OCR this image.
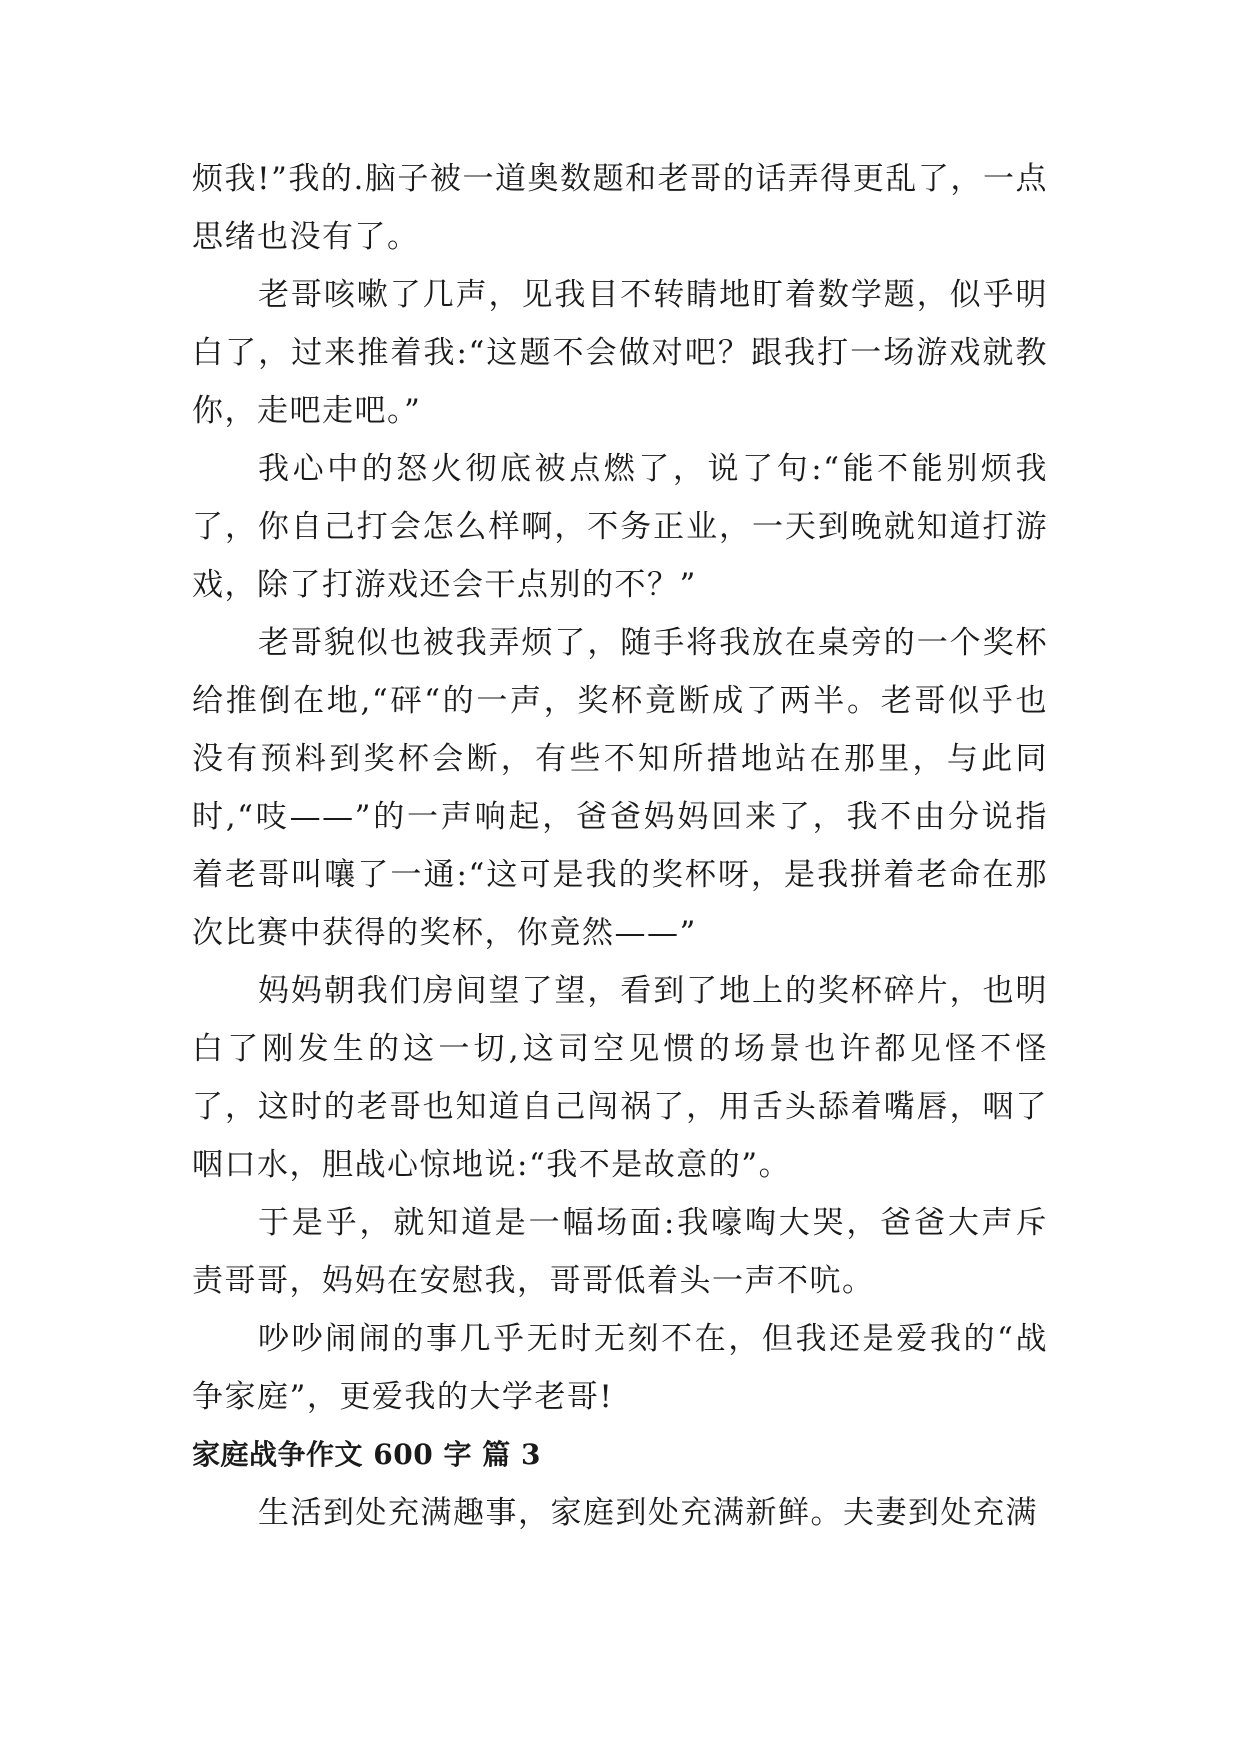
烦我!”我的.脑子被一道奥数题和老哥的话弄得更乱了，一点思绪也没有了。

老哥咳嗽了几声，见我目不转睛地盯着数学题，似乎明白了，过来推着我:“这题不会做对吧？跟我打一场游戏就教你，走吧走吧。”

我心中的怒火彻底被点燃了，说了句:“能不能别烦我了，你自己打会怎么样啊，不务正业，一天到晚就知道打游戏，除了打游戏还会干点别的不？”

老哥貌似也被我弄烦了，随手将我放在桌旁的一个奖杯给推倒在地,“砰“的一声，奖杯竟断成了两半。老哥似乎也没有预料到奖杯会断，有些不知所措地站在那里，与此同时,“吱——”的一声响起，爸爸妈妈回来了，我不由分说指着老哥叫嚷了一通:“这可是我的奖杯呀，是我拼着老命在那次比赛中获得的奖杯，你竟然——”

妈妈朝我们房间望了望，看到了地上的奖杯碎片，也明白了刚发生的这一切,这司空见惯的场景也许都见怪不怪了，这时的老哥也知道自己闯祸了，用舌头舔着嘴唇，咽了咽口水，胆战心惊地说:“我不是故意的”。

于是乎，就知道是一幅场面:我嚎啕大哭，爸爸大声斥责哥哥，妈妈在安慰我，哥哥低着头一声不吭。

吵吵闹闹的事几乎无时无刻不在，但我还是爱我的“战争家庭”，更爱我的大学老哥!

家庭战争作文 600 字 篇 3

生活到处充满趣事，家庭到处充满新鲜。夫妻到处充满
